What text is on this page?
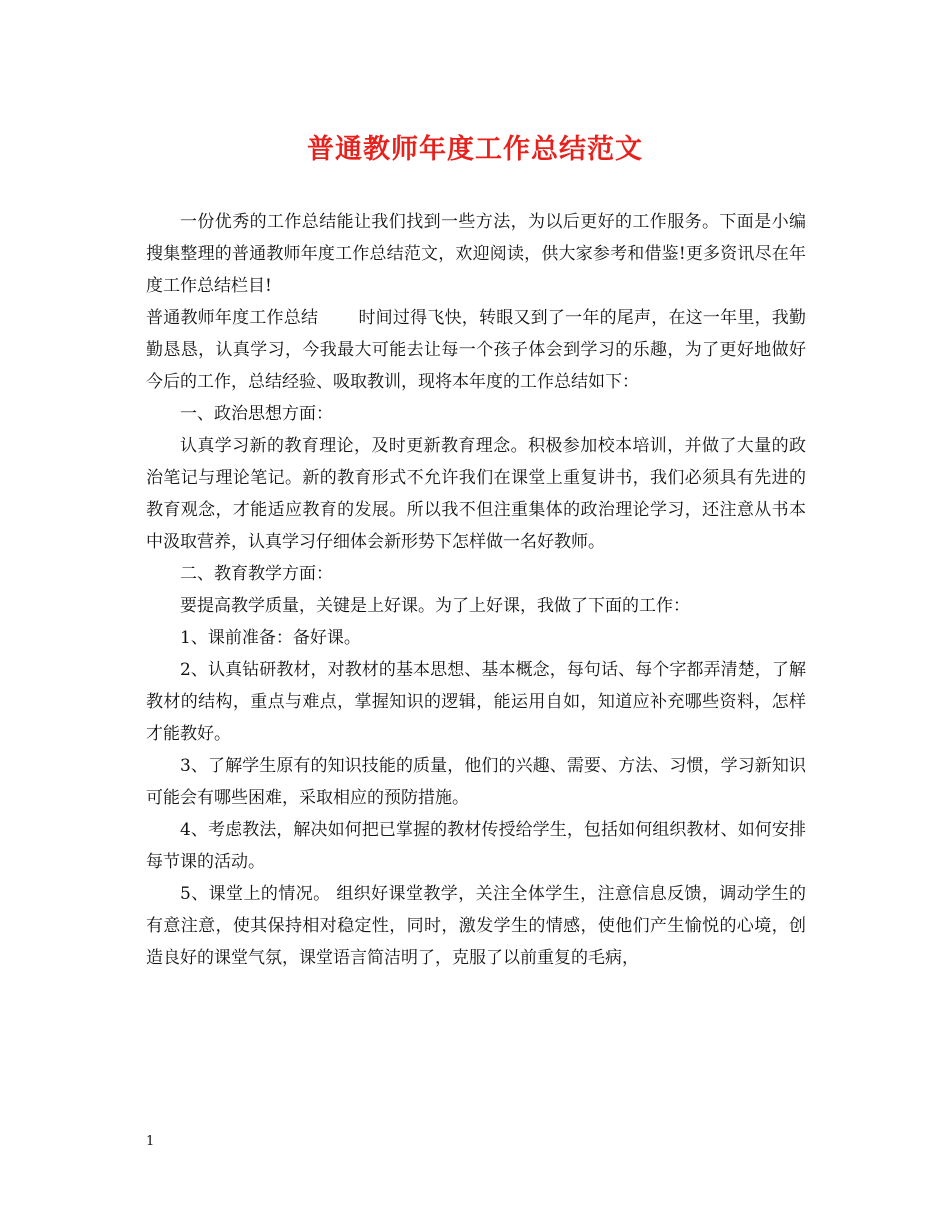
普通教师年度工作总结范文

一份优秀的工作总结能让我们找到一些方法，为以后更好的工作服务。下面是小编搜集整理的普通教师年度工作总结范文，欢迎阅读，供大家参考和借鉴!更多资讯尽在年度工作总结栏目!

普通教师年度工作总结 时间过得飞快，转眼又到了一年的尾声，在这一年里，我勤勤恳恳，认真学习，今我最大可能去让每一个孩子体会到学习的乐趣，为了更好地做好今后的工作，总结经验、吸取教训，现将本年度的工作总结如下：

一、政治思想方面：

认真学习新的教育理论，及时更新教育理念。积极参加校本培训，并做了大量的政治笔记与理论笔记。新的教育形式不允许我们在课堂上重复讲书，我们必须具有先进的教育观念，才能适应教育的发展。所以我不但注重集体的政治理论学习，还注意从书本中汲取营养，认真学习仔细体会新形势下怎样做一名好教师。

二、教育教学方面：

要提高教学质量，关键是上好课。为了上好课，我做了下面的工作：

1、课前准备：备好课。

2、认真钻研教材，对教材的基本思想、基本概念，每句话、每个字都弄清楚，了解教材的结构，重点与难点，掌握知识的逻辑，能运用自如，知道应补充哪些资料，怎样才能教好。

3、了解学生原有的知识技能的质量，他们的兴趣、需要、方法、习惯，学习新知识可能会有哪些困难，采取相应的预防措施。

4、考虑教法，解决如何把已掌握的教材传授给学生，包括如何组织教材、如何安排每节课的活动。

5、课堂上的情况。 组织好课堂教学，关注全体学生，注意信息反馈，调动学生的有意注意，使其保持相对稳定性，同时，激发学生的情感，使他们产生愉悦的心境，创造良好的课堂气氛，课堂语言简洁明了，克服了以前重复的毛病，

1
